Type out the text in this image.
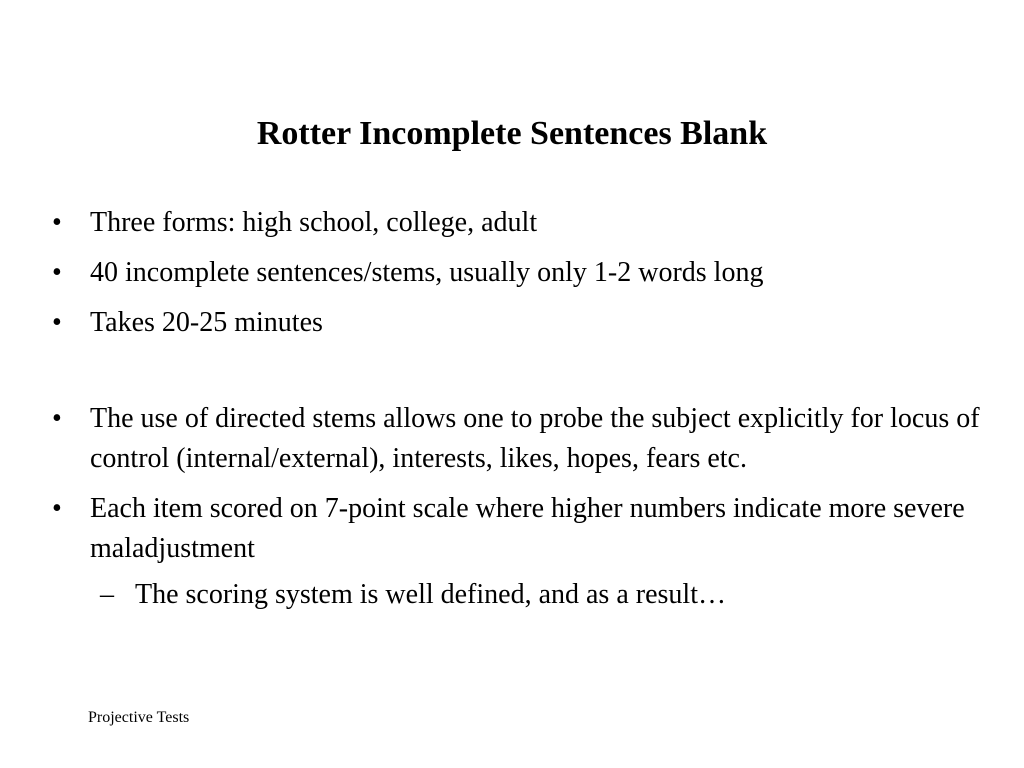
Rotter Incomplete Sentences Blank
•	Three forms: high school, college, adult
•	40 incomplete sentences/stems, usually only 1-2 words long
•	Takes 20-25 minutes
•	The use of directed stems allows one to probe the subject explicitly for locus of control (internal/external), interests, likes, hopes, fears etc.
•	Each item scored on 7-point scale where higher numbers indicate more severe maladjustment
– The scoring system is well defined, and as a result…
Projective Tests
